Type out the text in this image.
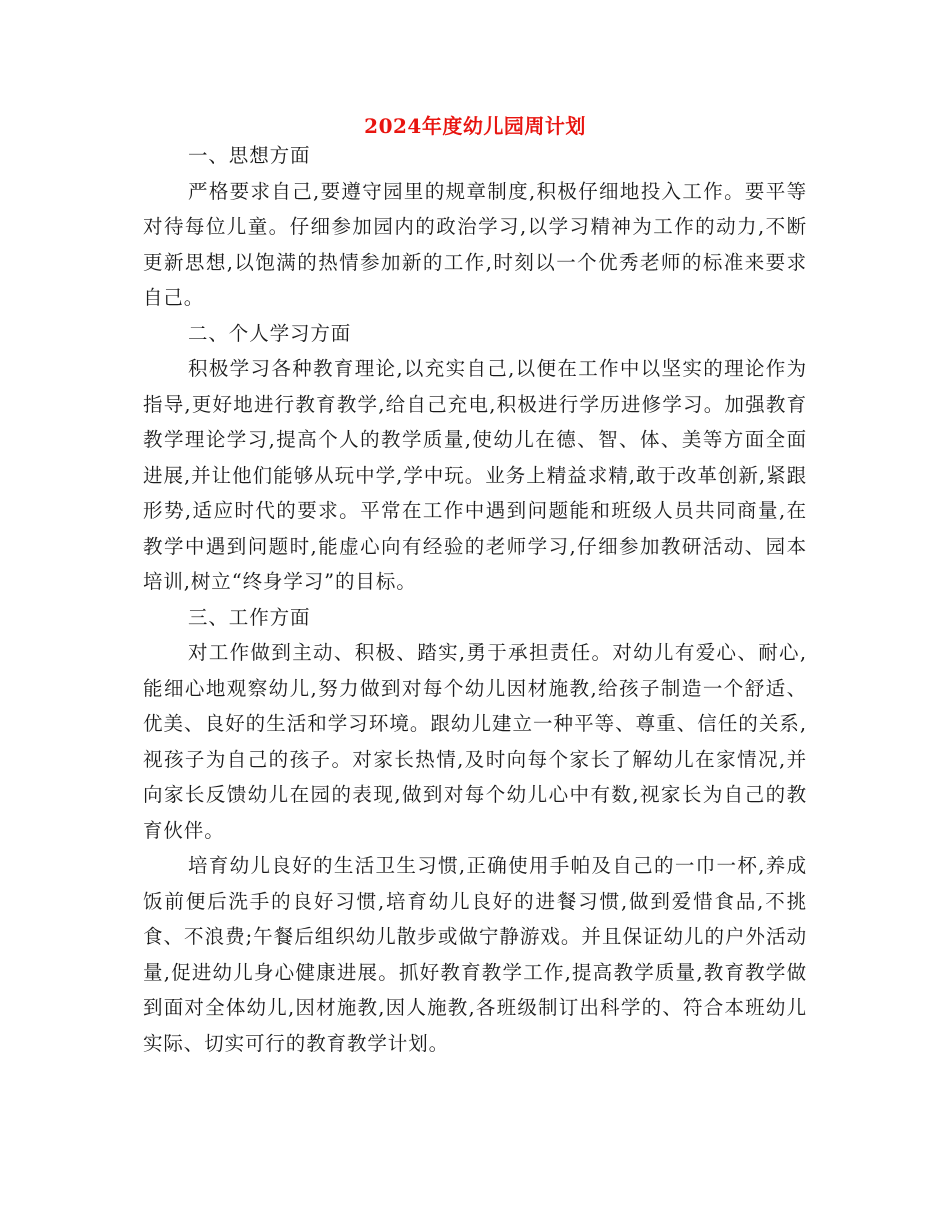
2024年度幼儿园周计划
一、思想方面

严格要求自己,要遵守园里的规章制度,积极仔细地投入工作。要平等对待每位儿童。仔细参加园内的政治学习,以学习精神为工作的动力,不断更新思想,以饱满的热情参加新的工作,时刻以一个优秀老师的标准来要求自己。

二、个人学习方面

积极学习各种教育理论,以充实自己,以便在工作中以坚实的理论作为指导,更好地进行教育教学,给自己充电,积极进行学历进修学习。加强教育教学理论学习,提高个人的教学质量,使幼儿在德、智、体、美等方面全面进展,并让他们能够从玩中学,学中玩。业务上精益求精,敢于改革创新,紧跟形势,适应时代的要求。平常在工作中遇到问题能和班级人员共同商量,在教学中遇到问题时,能虚心向有经验的老师学习,仔细参加教研活动、园本培训,树立“终身学习”的目标。

三、工作方面

对工作做到主动、积极、踏实,勇于承担责任。对幼儿有爱心、耐心,能细心地观察幼儿,努力做到对每个幼儿因材施教,给孩子制造一个舒适、优美、良好的生活和学习环境。跟幼儿建立一种平等、尊重、信任的关系,视孩子为自己的孩子。对家长热情,及时向每个家长了解幼儿在家情况,并向家长反馈幼儿在园的表现,做到对每个幼儿心中有数,视家长为自己的教育伙伴。

培育幼儿良好的生活卫生习惯,正确使用手帕及自己的一巾一杯,养成饭前便后洗手的良好习惯,培育幼儿良好的进餐习惯,做到爱惜食品,不挑食、不浪费;午餐后组织幼儿散步或做宁静游戏。并且保证幼儿的户外活动量,促进幼儿身心健康进展。抓好教育教学工作,提高教学质量,教育教学做到面对全体幼儿,因材施教,因人施教,各班级制订出科学的、符合本班幼儿实际、切实可行的教育教学计划。
